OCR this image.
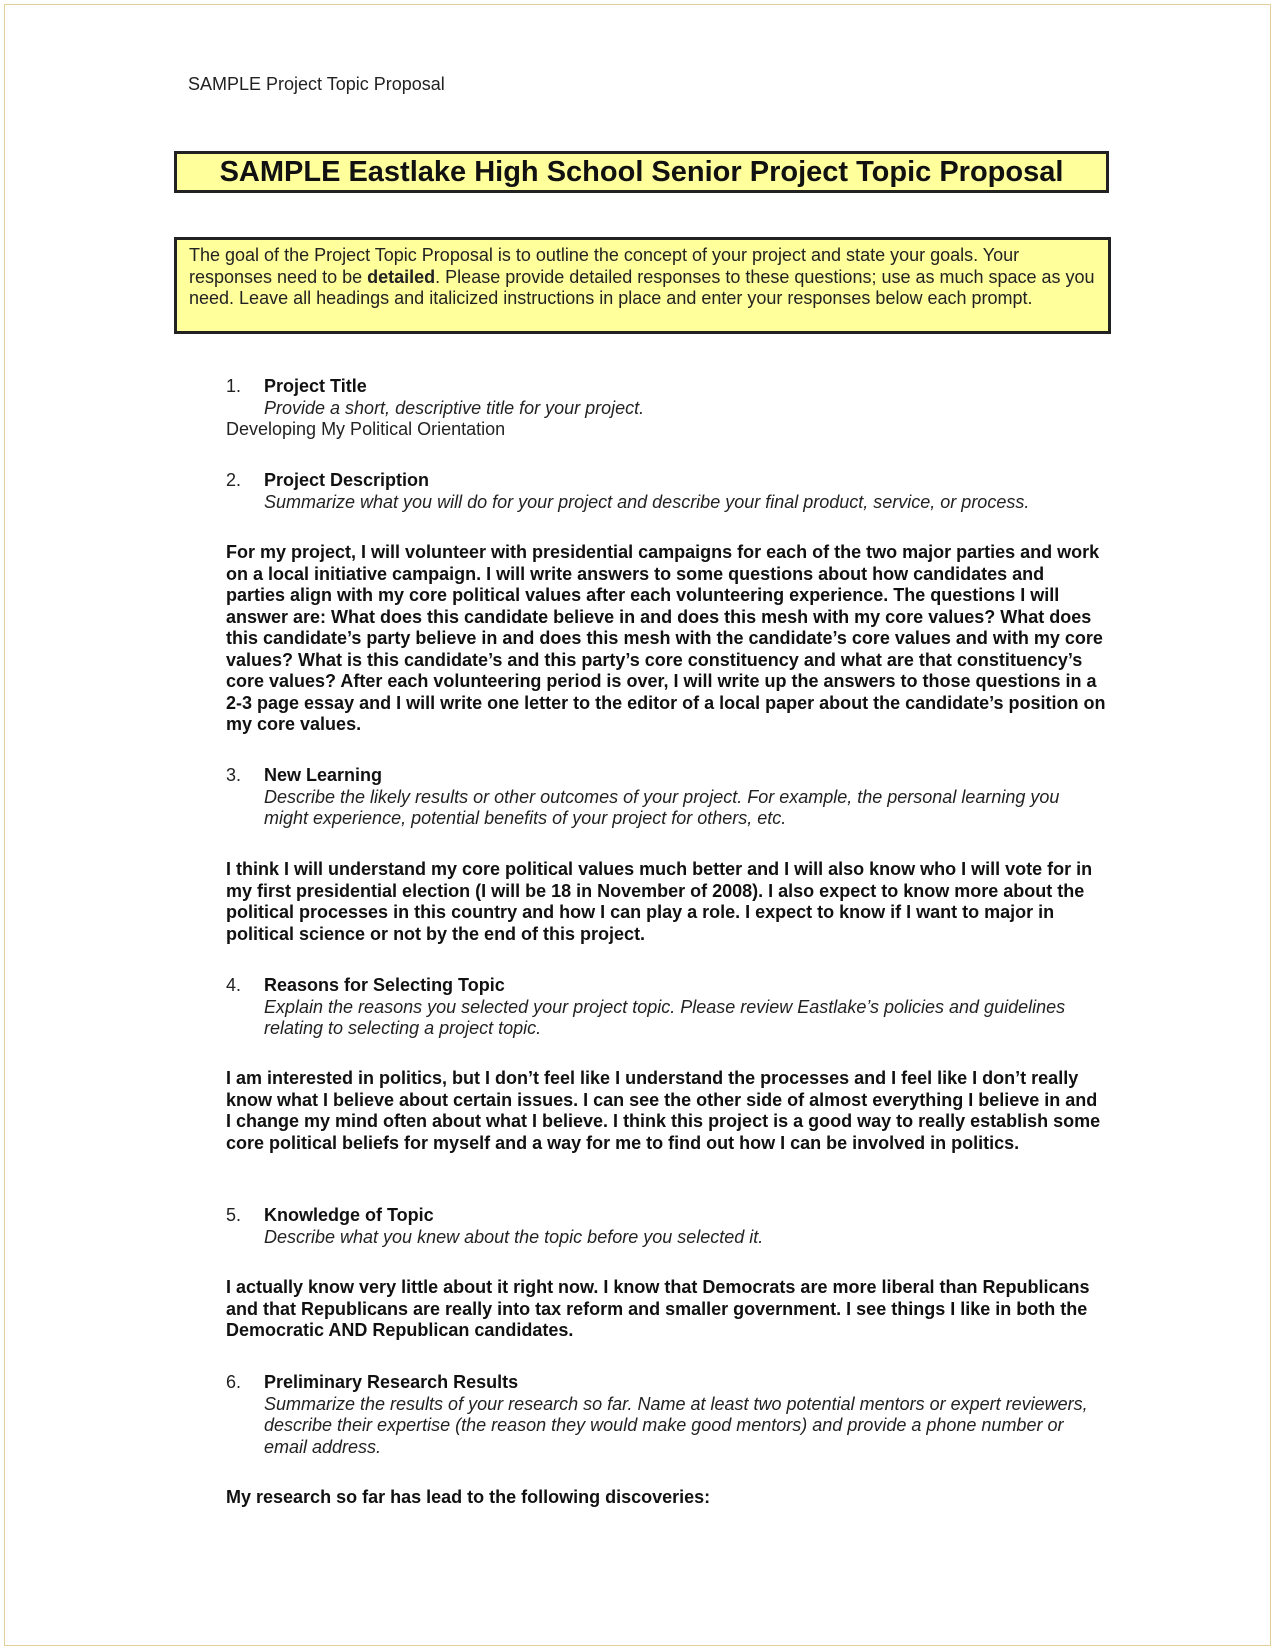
SAMPLE Project Topic Proposal
SAMPLE Eastlake High School Senior Project Topic Proposal
The goal of the Project Topic Proposal is to outline the concept of your project and state your goals. Your responses need to be detailed. Please provide detailed responses to these questions; use as much space as you need. Leave all headings and italicized instructions in place and enter your responses below each prompt.
1.	Project Title
Provide a short, descriptive title for your project.
Developing My Political Orientation
2.	Project Description
Summarize what you will do for your project and describe your final product, service, or process.
For my project, I will volunteer with presidential campaigns for each of the two major parties and work on a local initiative campaign. I will write answers to some questions about how candidates and parties align with my core political values after each volunteering experience. The questions I will answer are: What does this candidate believe in and does this mesh with my core values? What does this candidate’s party believe in and does this mesh with the candidate’s core values and with my core values? What is this candidate’s and this party’s core constituency and what are that constituency’s core values? After each volunteering period is over, I will write up the answers to those questions in a 2-3 page essay and I will write one letter to the editor of a local paper about the candidate’s position on my core values.
3.	New Learning
Describe the likely results or other outcomes of your project. For example, the personal learning you might experience, potential benefits of your project for others, etc.
I think I will understand my core political values much better and I will also know who I will vote for in my first presidential election (I will be 18 in November of 2008). I also expect to know more about the political processes in this country and how I can play a role. I expect to know if I want to major in political science or not by the end of this project.
4.	Reasons for Selecting Topic
Explain the reasons you selected your project topic. Please review Eastlake’s policies and guidelines relating to selecting a project topic.
I am interested in politics, but I don’t feel like I understand the processes and I feel like I don’t really know what I believe about certain issues. I can see the other side of almost everything I believe in and I change my mind often about what I believe. I think this project is a good way to really establish some core political beliefs for myself and a way for me to find out how I can be involved in politics.
5.	Knowledge of Topic
Describe what you knew about the topic before you selected it.
I actually know very little about it right now. I know that Democrats are more liberal than Republicans and that Republicans are really into tax reform and smaller government. I see things I like in both the Democratic AND Republican candidates.
6.	Preliminary Research Results
Summarize the results of your research so far. Name at least two potential mentors or expert reviewers, describe their expertise (the reason they would make good mentors) and provide a phone number or email address.
My research so far has lead to the following discoveries:
